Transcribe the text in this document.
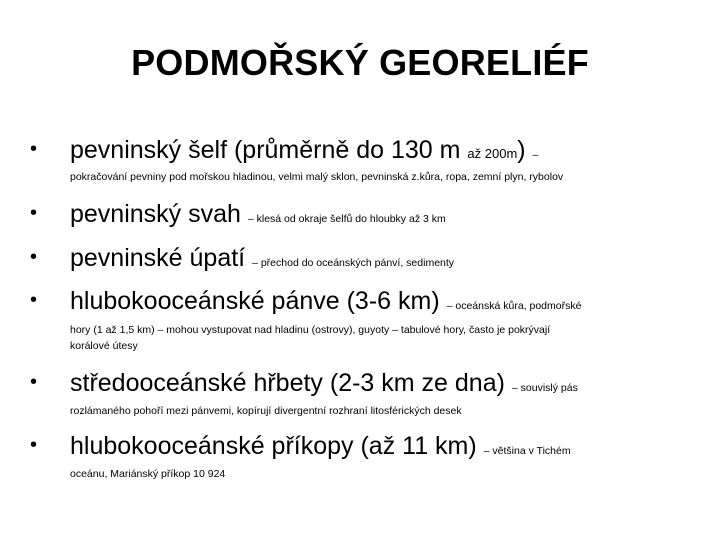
PODMOŘSKÝ GEORELIÉF
• pevninský šelf (průměrně do 130 m až 200m) –
pokračování pevniny pod mořskou hladinou, velmi malý sklon, pevninská z.kůra, ropa, zemní plyn, rybolov
• pevninský svah – klesá od okraje šelfů do hloubky až 3 km
• pevninské úpatí – přechod do oceánských pánví, sedimenty
• hlubokooceánské pánve (3-6 km) – oceánská kůra, podmořské
hory (1 až 1,5 km) – mohou vystupovat nad hladinu (ostrovy), guyoty – tabulové hory, často je pokrývají
korálové útesy
• středooceánské hřbety (2-3 km ze dna) – souvislý pás
rozlámaného pohoří mezi pánvemi, kopírují divergentní rozhraní litosférických desek
• hlubokooceánské příkopy (až 11 km) – většina v Tichém
oceánu, Mariánský příkop 10 924
